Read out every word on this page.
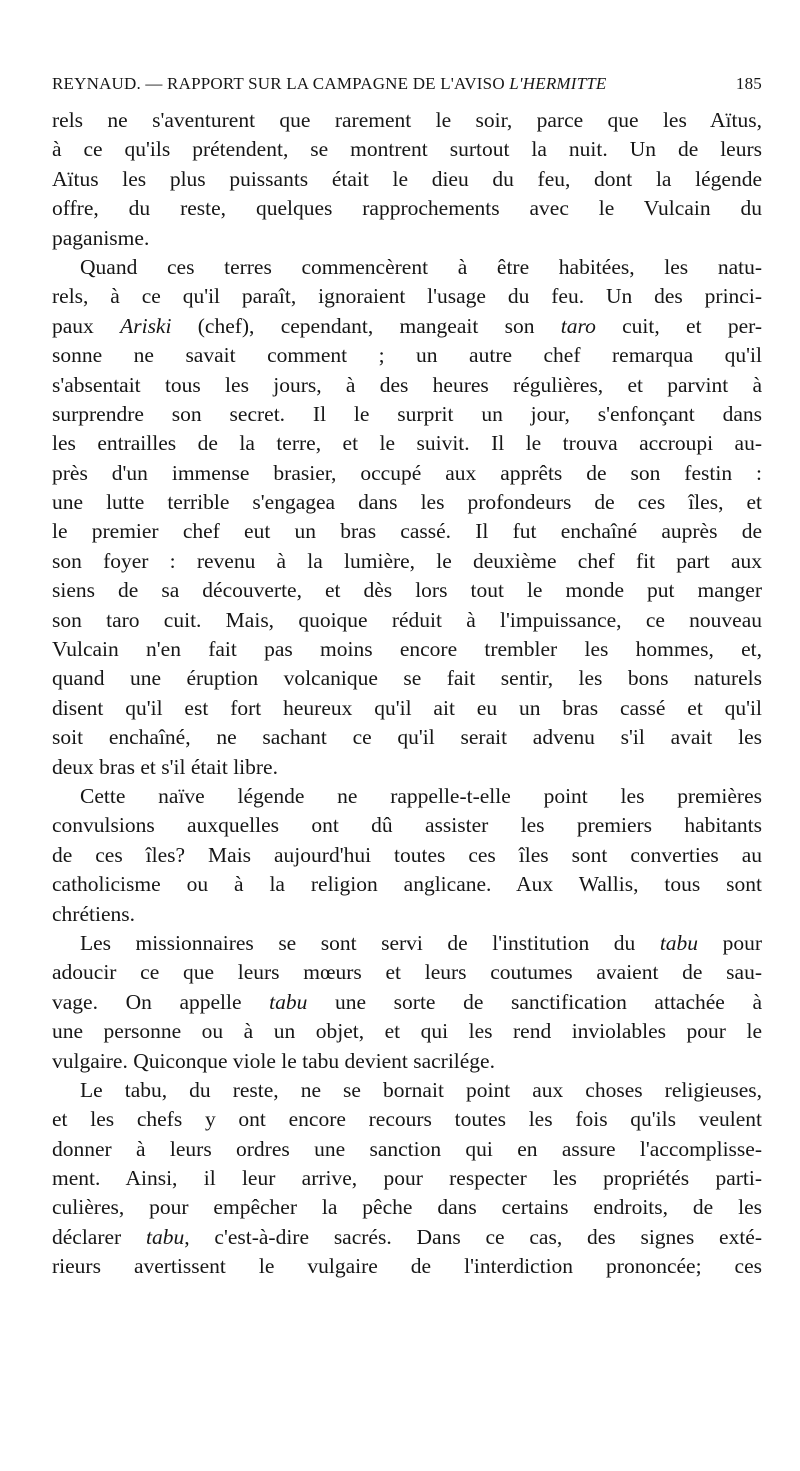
REYNAUD. — RAPPORT SUR LA CAMPAGNE DE L'AVISO L'HERMITTE	185
rels ne s'aventurent que rarement le soir, parce que les Aïtus,
à ce qu'ils prétendent, se montrent surtout la nuit. Un de leurs
Aïtus les plus puissants était le dieu du feu, dont la légende
offre, du reste, quelques rapprochements avec le Vulcain du
paganisme.
Quand ces terres commencèrent à être habitées, les natu-
rels, à ce qu'il paraît, ignoraient l'usage du feu. Un des princi-
paux Ariski (chef), cependant, mangeait son taro cuit, et per-
sonne ne savait comment ; un autre chef remarqua qu'il
s'absentait tous les jours, à des heures régulières, et parvint à
surprendre son secret. Il le surprit un jour, s'enfonçant dans
les entrailles de la terre, et le suivit. Il le trouva accroupi au-
près d'un immense brasier, occupé aux apprêts de son festin :
une lutte terrible s'engagea dans les profondeurs de ces îles, et
le premier chef eut un bras cassé. Il fut enchaîné auprès de
son foyer : revenu à la lumière, le deuxième chef fit part aux
siens de sa découverte, et dès lors tout le monde put manger
son taro cuit. Mais, quoique réduit à l'impuissance, ce nouveau
Vulcain n'en fait pas moins encore trembler les hommes, et,
quand une éruption volcanique se fait sentir, les bons naturels
disent qu'il est fort heureux qu'il ait eu un bras cassé et qu'il
soit enchaîné, ne sachant ce qu'il serait advenu s'il avait les
deux bras et s'il était libre.
Cette naïve légende ne rappelle-t-elle point les premières
convulsions auxquelles ont dû assister les premiers habitants
de ces îles? Mais aujourd'hui toutes ces îles sont converties au
catholicisme ou à la religion anglicane. Aux Wallis, tous sont
chrétiens.
Les missionnaires se sont servi de l'institution du tabu pour
adoucir ce que leurs mœurs et leurs coutumes avaient de sau-
vage. On appelle tabu une sorte de sanctification attachée à
une personne ou à un objet, et qui les rend inviolables pour le
vulgaire. Quiconque viole le tabu devient sacrilége.
Le tabu, du reste, ne se bornait point aux choses religieuses,
et les chefs y ont encore recours toutes les fois qu'ils veulent
donner à leurs ordres une sanction qui en assure l'accomplisse-
ment. Ainsi, il leur arrive, pour respecter les propriétés parti-
culières, pour empêcher la pêche dans certains endroits, de les
déclarer tabu, c'est-à-dire sacrés. Dans ce cas, des signes exté-
rieurs avertissent le vulgaire de l'interdiction prononcée; ces
